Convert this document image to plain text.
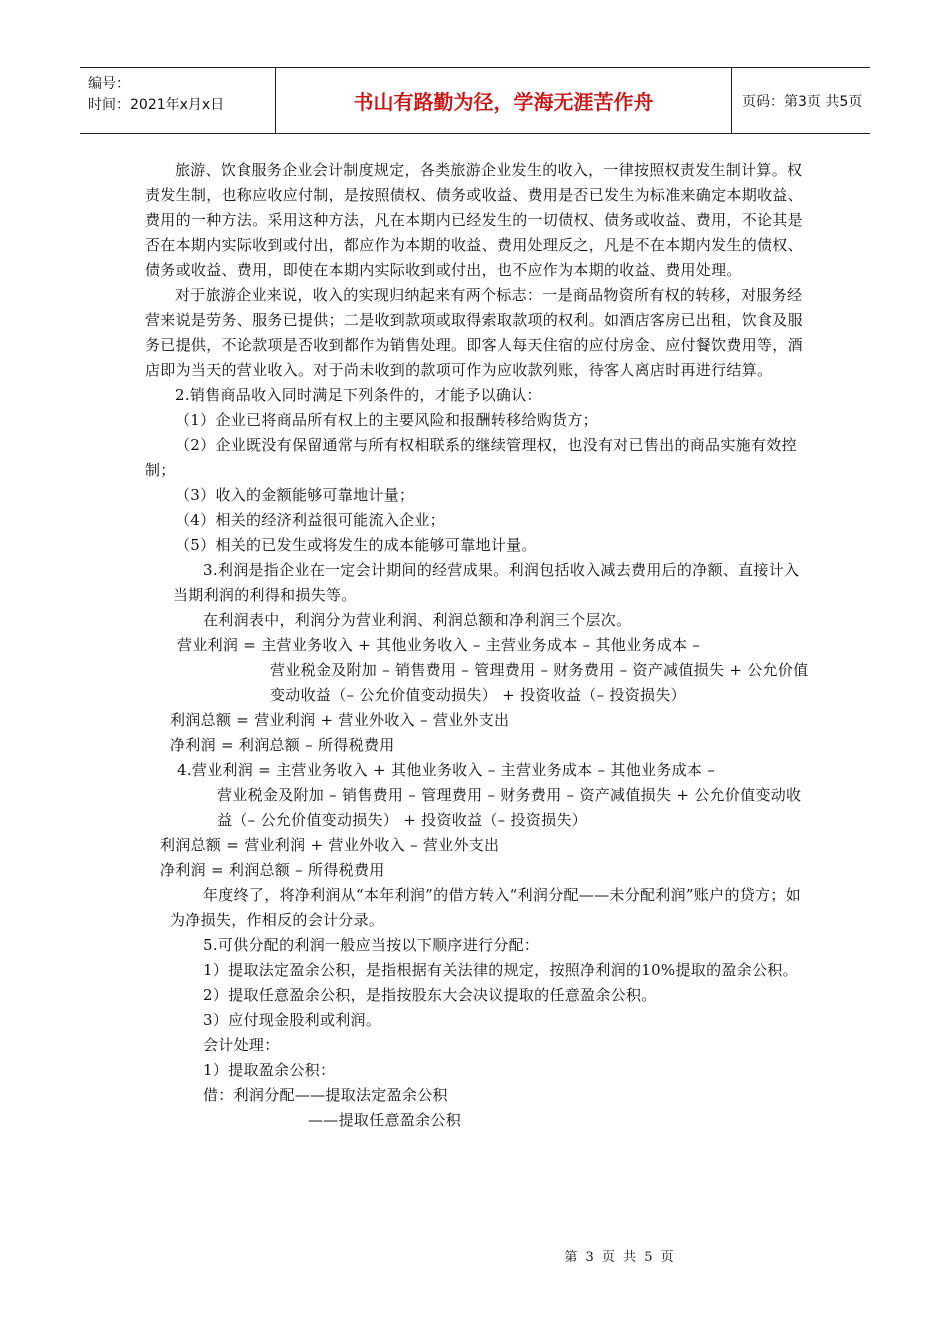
编号：
时间：2021年x月x日	书山有路勤为径，学海无涯苦作舟	页码：第3页 共5页

旅游、饮食服务企业会计制度规定，各类旅游企业发生的收入，一律按照权责发生制计算。权责发生制，也称应收应付制，是按照债权、债务或收益、费用是否已发生为标准来确定本期收益、费用的一种方法。采用这种方法，凡在本期内已经发生的一切债权、债务或收益、费用，不论其是否在本期内实际收到或付出，都应作为本期的收益、费用处理反之，凡是不在本期内发生的债权、债务或收益、费用，即使在本期内实际收到或付出，也不应作为本期的收益、费用处理。

对于旅游企业来说，收入的实现归纳起来有两个标志：一是商品物资所有权的转移，对服务经营来说是劳务、服务已提供；二是收到款项或取得索取款项的权利。如酒店客房已出租，饮食及服务已提供，不论款项是否收到都作为销售处理。即客人每天住宿的应付房金、应付餐饮费用等，酒店即为当天的营业收入。对于尚未收到的款项可作为应收款列账，待客人离店时再进行结算。

2.销售商品收入同时满足下列条件的，才能予以确认：

（1）企业已将商品所有权上的主要风险和报酬转移给购货方；

（2）企业既没有保留通常与所有权相联系的继续管理权，也没有对已售出的商品实施有效控制；

（3）收入的金额能够可靠地计量；

（4）相关的经济利益很可能流入企业；

（5）相关的已发生或将发生的成本能够可靠地计量。

3.利润是指企业在一定会计期间的经营成果。利润包括收入减去费用后的净额、直接计入当期利润的利得和损失等。

在利润表中，利润分为营业利润、利润总额和净利润三个层次。

营业利润 = 主营业务收入 + 其他业务收入 – 主营业务成本 – 其他业务成本 –
营业税金及附加 – 销售费用 – 管理费用 – 财务费用 – 资产减值损失 + 公允价值变动收益（– 公允价值变动损失） + 投资收益（– 投资损失）

利润总额 = 营业利润 + 营业外收入 – 营业外支出

净利润 = 利润总额 – 所得税费用

4.营业利润 = 主营业务收入 + 其他业务收入 – 主营业务成本 – 其他业务成本 –
营业税金及附加 – 销售费用 – 管理费用 – 财务费用 – 资产减值损失 + 公允价值变动收益（– 公允价值变动损失） + 投资收益（– 投资损失）

利润总额 = 营业利润 + 营业外收入 – 营业外支出

净利润 = 利润总额 – 所得税费用

年度终了，将净利润从“本年利润”的借方转入“利润分配——未分配利润”账户的贷方；如为净损失，作相反的会计分录。

5.可供分配的利润一般应当按以下顺序进行分配：

1）提取法定盈余公积，是指根据有关法律的规定，按照净利润的10%提取的盈余公积。

2）提取任意盈余公积，是指按股东大会决议提取的任意盈余公积。

3）应付现金股利或利润。

会计处理：

1）提取盈余公积：

借：利润分配——提取法定盈余公积

——提取任意盈余公积

第 3 页 共 5 页
